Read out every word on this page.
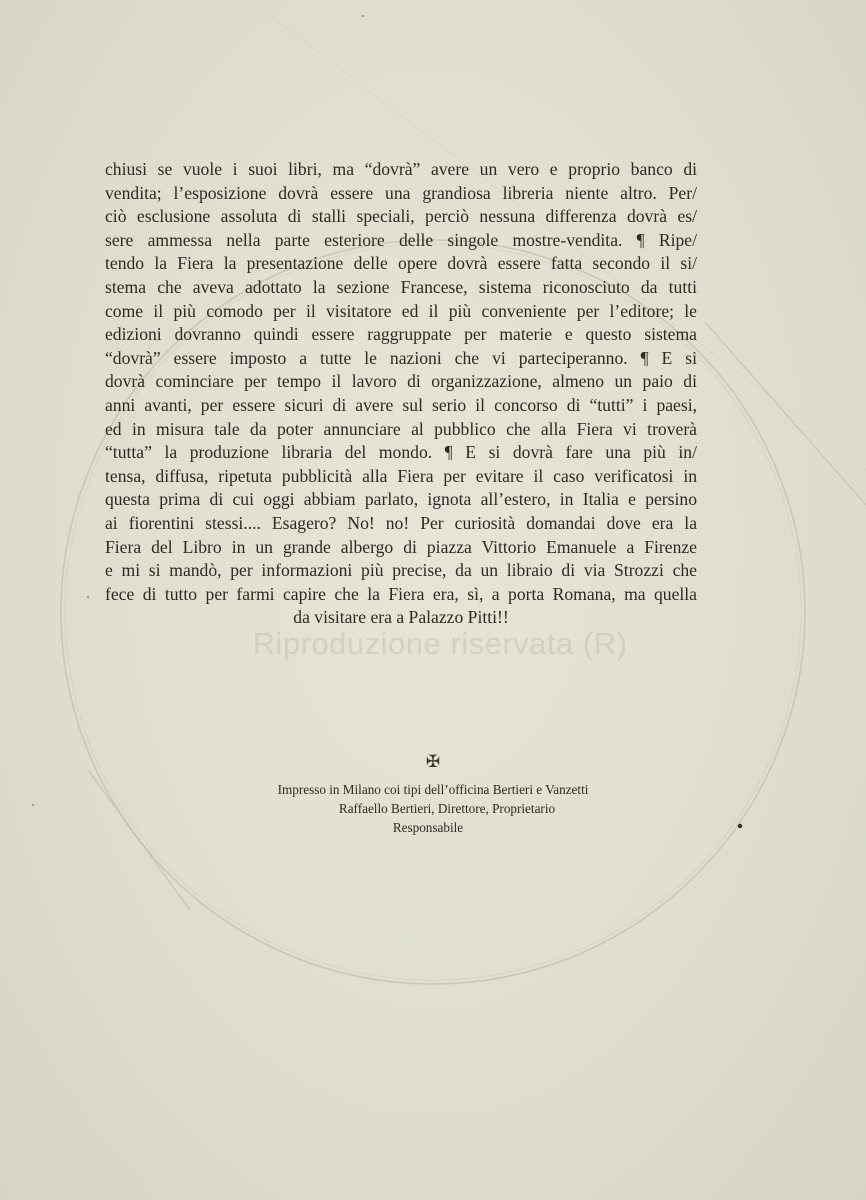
Riproduzione riservata (R)
chiusi se vuole i suoi libri, ma “dovrà” avere un vero e proprio banco di
vendita; l’esposizione dovrà essere una grandiosa libreria niente altro. Per/
ciò esclusione assoluta di stalli speciali, perciò nessuna differenza dovrà es/
sere ammessa nella parte esteriore delle singole mostre-vendita. ¶ Ripe/
tendo la Fiera la presentazione delle opere dovrà essere fatta secondo il si/
stema che aveva adottato la sezione Francese, sistema riconosciuto da tutti
come il più comodo per il visitatore ed il più conveniente per l’editore; le
edizioni dovranno quindi essere raggruppate per materie e questo sistema
“dovrà” essere imposto a tutte le nazioni che vi parteciperanno. ¶ E si
dovrà cominciare per tempo il lavoro di organizzazione, almeno un paio di
anni avanti, per essere sicuri di avere sul serio il concorso di “tutti” i paesi,
ed in misura tale da poter annunciare al pubblico che alla Fiera vi troverà
“tutta” la produzione libraria del mondo. ¶ E si dovrà fare una più in/
tensa, diffusa, ripetuta pubblicità alla Fiera per evitare il caso verificatosi in
questa prima di cui oggi abbiam parlato, ignota all’estero, in Italia e persino
ai fiorentini stessi.... Esagero? No! no! Per curiosità domandai dove era la
Fiera del Libro in un grande albergo di piazza Vittorio Emanuele a Firenze
e mi si mandò, per informazioni più precise, da un libraio di via Strozzi che
fece di tutto per farmi capire che la Fiera era, sì, a porta Romana, ma quella
da visitare era a Palazzo Pitti!!
✠
Impresso in Milano coi tipi dell’officina Bertieri e Vanzetti
Raffaello Bertieri, Direttore, Proprietario
Responsabile
